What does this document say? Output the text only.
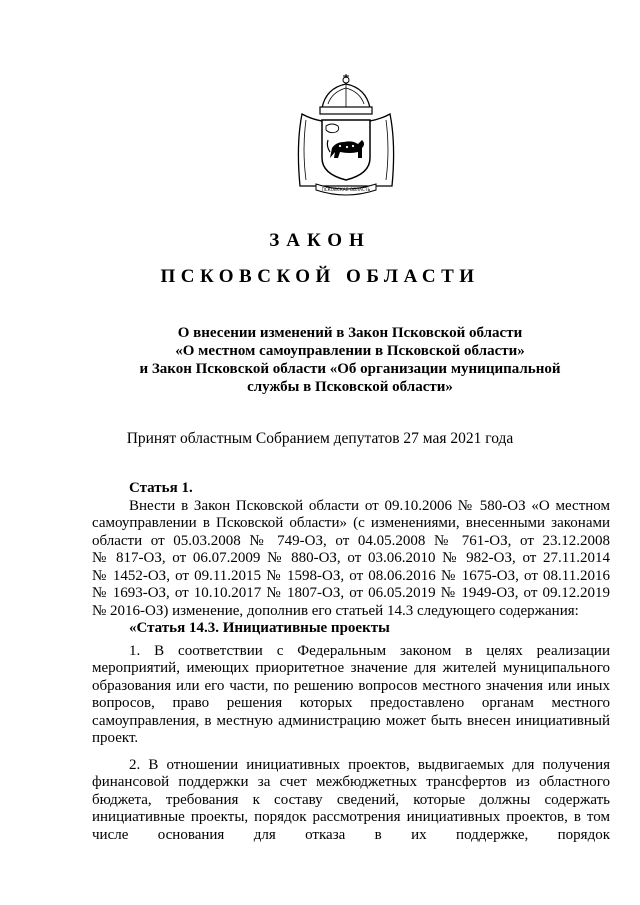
ПСКОВСКАЯ ОБЛАСТЬ
ЗАКОН
ПСКОВСКОЙ ОБЛАСТИ
О внесении изменений в Закон Псковской области
«О местном самоуправлении в Псковской области»
и Закон Псковской области «Об организации муниципальной
службы в Псковской области»
Принят областным Собранием депутатов 27 мая 2021 года
Статья 1.
Внести в Закон Псковской области от 09.10.2006 № 580-ОЗ «О местном
самоуправлении в Псковской области» (с изменениями, внесенными законами
области от 05.03.2008 № 749-ОЗ, от 04.05.2008 № 761-ОЗ, от 23.12.2008
№ 817-ОЗ, от 06.07.2009 № 880-ОЗ, от 03.06.2010 № 982-ОЗ, от 27.11.2014
№ 1452-ОЗ, от 09.11.2015 № 1598-ОЗ, от 08.06.2016 № 1675-ОЗ, от 08.11.2016
№ 1693-ОЗ, от 10.10.2017 № 1807-ОЗ, от 06.05.2019 № 1949-ОЗ, от 09.12.2019
№ 2016-ОЗ) изменение, дополнив его статьей 14.3 следующего содержания:
«Статья 14.3. Инициативные проекты
1. В соответствии с Федеральным законом в целях реализации
мероприятий, имеющих приоритетное значение для жителей муниципального
образования или его части, по решению вопросов местного значения или иных
вопросов, право решения которых предоставлено органам местного
самоуправления, в местную администрацию может быть внесен инициативный
проект.
2. В отношении инициативных проектов, выдвигаемых для получения
финансовой поддержки за счет межбюджетных трансфертов из областного
бюджета, требования к составу сведений, которые должны содержать
инициативные проекты, порядок рассмотрения инициативных проектов, в том
числе основания для отказа в их поддержке, порядок
